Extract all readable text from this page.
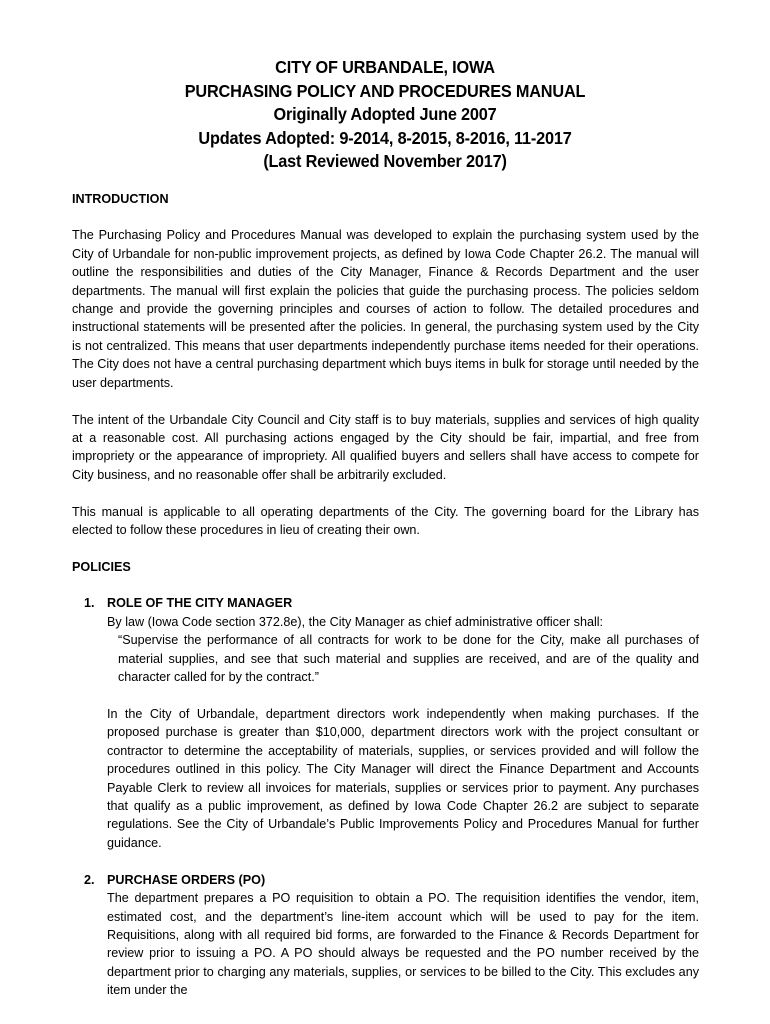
CITY OF URBANDALE, IOWA
PURCHASING POLICY AND PROCEDURES MANUAL
Originally Adopted June 2007
Updates Adopted: 9-2014, 8-2015, 8-2016, 11-2017
(Last Reviewed November 2017)
INTRODUCTION

The Purchasing Policy and Procedures Manual was developed to explain the purchasing system used by the City of Urbandale for non-public improvement projects, as defined by Iowa Code Chapter 26.2. The manual will outline the responsibilities and duties of the City Manager, Finance & Records Department and the user departments. The manual will first explain the policies that guide the purchasing process. The policies seldom change and provide the governing principles and courses of action to follow. The detailed procedures and instructional statements will be presented after the policies. In general, the purchasing system used by the City is not centralized. This means that user departments independently purchase items needed for their operations. The City does not have a central purchasing department which buys items in bulk for storage until needed by the user departments.

The intent of the Urbandale City Council and City staff is to buy materials, supplies and services of high quality at a reasonable cost. All purchasing actions engaged by the City should be fair, impartial, and free from impropriety or the appearance of impropriety. All qualified buyers and sellers shall have access to compete for City business, and no reasonable offer shall be arbitrarily excluded.

This manual is applicable to all operating departments of the City. The governing board for the Library has elected to follow these procedures in lieu of creating their own.

POLICIES
1. ROLE OF THE CITY MANAGER

By law (Iowa Code section 372.8e), the City Manager as chief administrative officer shall:

“Supervise the performance of all contracts for work to be done for the City, make all purchases of material supplies, and see that such material and supplies are received, and are of the quality and character called for by the contract.”

In the City of Urbandale, department directors work independently when making purchases. If the proposed purchase is greater than $10,000, department directors work with the project consultant or contractor to determine the acceptability of materials, supplies, or services provided and will follow the procedures outlined in this policy. The City Manager will direct the Finance Department and Accounts Payable Clerk to review all invoices for materials, supplies or services prior to payment. Any purchases that qualify as a public improvement, as defined by Iowa Code Chapter 26.2 are subject to separate regulations. See the City of Urbandale’s Public Improvements Policy and Procedures Manual for further guidance.

2. PURCHASE ORDERS (PO)

The department prepares a PO requisition to obtain a PO. The requisition identifies the vendor, item, estimated cost, and the department’s line-item account which will be used to pay for the item. Requisitions, along with all required bid forms, are forwarded to the Finance & Records Department for review prior to issuing a PO. A PO should always be requested and the PO number received by the department prior to charging any materials, supplies, or services to be billed to the City. This excludes any item under the
